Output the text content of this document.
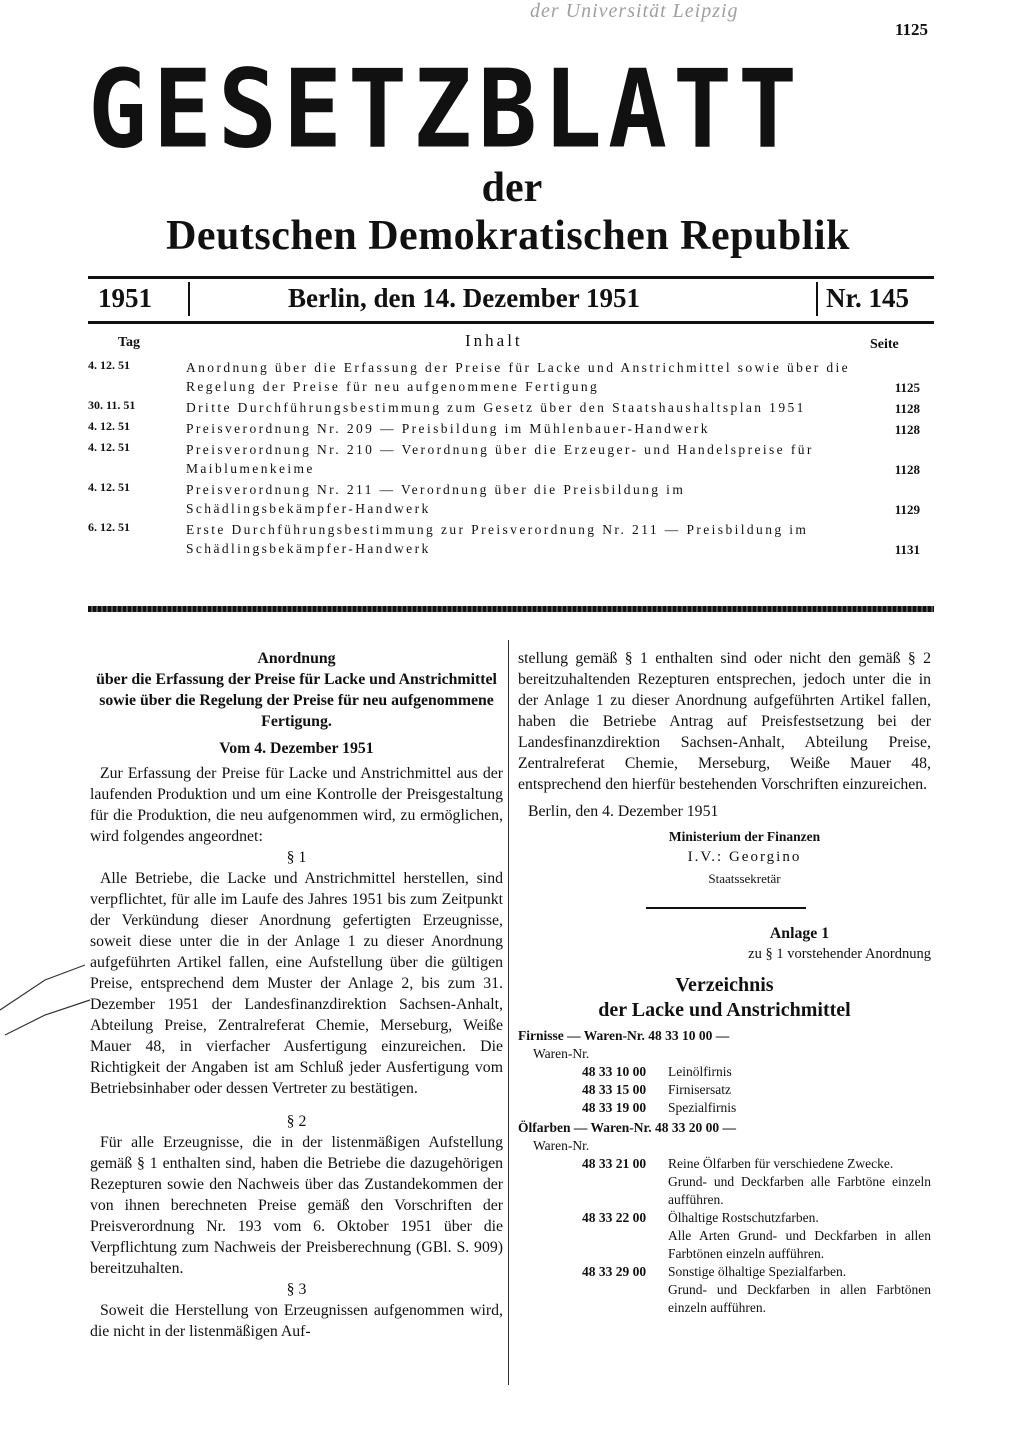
der Universität Leipzig
1125
GESETZBLATT
der
Deutschen Demokratischen Republik
1951	Berlin, den 14. Dezember 1951	Nr. 145
Tag	Inhalt	Seite
4. 12. 51	Anordnung über die Erfassung der Preise für Lacke und Anstrichmittel sowie über die Regelung der Preise für neu aufgenommene Fertigung	1125
30. 11. 51	Dritte Durchführungsbestimmung zum Gesetz über den Staatshaushaltsplan 1951	1128
4. 12. 51	Preisverordnung Nr. 209 — Preisbildung im Mühlenbauer-Handwerk	1128
4. 12. 51	Preisverordnung Nr. 210 — Verordnung über die Erzeuger- und Handelspreise für Maiblumenkeime	1128
4. 12. 51	Preisverordnung Nr. 211 — Verordnung über die Preisbildung im Schädlingsbekämpfer-Handwerk	1129
6. 12. 51	Erste Durchführungsbestimmung zur Preisverordnung Nr. 211 — Preisbildung im Schädlingsbekämpfer-Handwerk	1131

Anordnung

über die Erfassung der Preise für Lacke und Anstrichmittel sowie über die Regelung der Preise für neu aufgenommene Fertigung.

Vom 4. Dezember 1951

Zur Erfassung der Preise für Lacke und Anstrichmittel aus der laufenden Produktion und um eine Kontrolle der Preisgestaltung für die Produktion, die neu aufgenommen wird, zu ermöglichen, wird folgendes angeordnet:

§ 1

Alle Betriebe, die Lacke und Anstrichmittel herstellen, sind verpflichtet, für alle im Laufe des Jahres 1951 bis zum Zeitpunkt der Verkündung dieser Anordnung gefertigten Erzeugnisse, soweit diese unter die in der Anlage 1 zu dieser Anordnung aufgeführten Artikel fallen, eine Aufstellung über die gültigen Preise, entsprechend dem Muster der Anlage 2, bis zum 31. Dezember 1951 der Landesfinanzdirektion Sachsen-Anhalt, Abteilung Preise, Zentralreferat Chemie, Merseburg, Weiße Mauer 48, in vierfacher Ausfertigung einzureichen. Die Richtigkeit der Angaben ist am Schluß jeder Ausfertigung vom Betriebsinhaber oder dessen Vertreter zu bestätigen.

§ 2

Für alle Erzeugnisse, die in der listenmäßigen Aufstellung gemäß § 1 enthalten sind, haben die Betriebe die dazugehörigen Rezepturen sowie den Nachweis über das Zustandekommen der von ihnen berechneten Preise gemäß den Vorschriften der Preisverordnung Nr. 193 vom 6. Oktober 1951 über die Verpflichtung zum Nachweis der Preisberechnung (GBl. S. 909) bereitzuhalten.

§ 3

Soweit die Herstellung von Erzeugnissen aufgenommen wird, die nicht in der listenmäßigen Auf-

stellung gemäß § 1 enthalten sind oder nicht den gemäß § 2 bereitzuhaltenden Rezepturen entsprechen, jedoch unter die in der Anlage 1 zu dieser Anordnung aufgeführten Artikel fallen, haben die Betriebe Antrag auf Preisfestsetzung bei der Landesfinanzdirektion Sachsen-Anhalt, Abteilung Preise, Zentralreferat Chemie, Merseburg, Weiße Mauer 48, entsprechend den hierfür bestehenden Vorschriften einzureichen.

Berlin, den 4. Dezember 1951

Ministerium der Finanzen

I.V.: Georgino

Staatssekretär

Anlage 1

zu § 1 vorstehender Anordnung

Verzeichnis

der Lacke und Anstrichmittel

Firnisse — Waren-Nr. 48 33 10 00 —
Waren-Nr.
48 33 10 00 Leinölfirnis
48 33 15 00 Firnisersatz
48 33 19 00 Spezialfirnis
Ölfarben — Waren-Nr. 48 33 20 00 —
Waren-Nr.
48 33 21 00 Reine Ölfarben für verschiedene Zwecke.
Grund- und Deckfarben alle Farbtöne einzeln aufführen.
48 33 22 00 Ölhaltige Rostschutzfarben.
Alle Arten Grund- und Deckfarben in allen Farbtönen einzeln aufführen.
48 33 29 00 Sonstige ölhaltige Spezialfarben.
Grund- und Deckfarben in allen Farbtönen einzeln aufführen.
